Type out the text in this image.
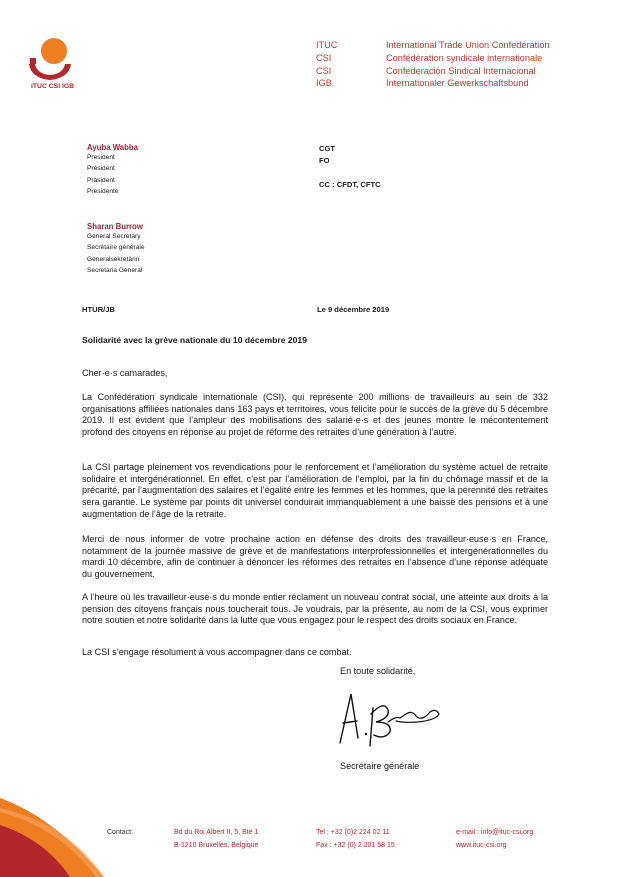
ITUC CSI IGB
ITUC	International Trade Union Confederation
CSI	Confédération syndicale internationale
CSI	Confederación Sindical Internacional
IGB	Internationaler Gewerkschaftsbund
Ayuba Wabba
President
Président
Präsident
Presidente
CGT
FO
CC : CFDT, CFTC
Sharan Burrow
General Secretary
Secrétaire générale
Generalsekretärin
Secretaria General
HTUR/JB	Le 9 décembre 2019
Solidarité avec la grève nationale du 10 décembre 2019
Cher·e·s camarades,
La Confédération syndicale internationale (CSI), qui représente 200 millions de travailleurs au sein de 332 organisations affiliées nationales dans 163 pays et territoires, vous félicite pour le succès de la grève du 5 décembre 2019. Il est évident que l’ampleur des mobilisations des salarié·e·s et des jeunes montre le mécontentement profond des citoyens en réponse au projet de réforme des retraites d’une génération à l’autre.
La CSI partage pleinement vos revendications pour le renforcement et l’amélioration du système actuel de retraite solidaire et intergénérationnel. En effet, c’est par l’amélioration de l’emploi, par la fin du chômage massif et de la précarité, par l’augmentation des salaires et l’égalité entre les femmes et les hommes, que la pérennité des retraites sera garantie. Le système par points dit universel conduirait immanquablement à une baisse des pensions et à une augmentation de l’âge de la retraite.
Merci de nous informer de votre prochaine action en défense des droits des travailleur·euse·s en France, notamment de la journée massive de grève et de manifestations interprofessionnelles et intergénérationnelles du mardi 10 décembre, afin de continuer à dénoncer les réformes des retraites en l’absence d’une réponse adéquate du gouvernement.
A l’heure où les travailleur·euse·s du monde entier réclament un nouveau contrat social, une atteinte aux droits à la pension des citoyens français nous toucherait tous. Je voudrais, par la présente, au nom de la CSI, vous exprimer notre soutien et notre solidarité dans la lutte que vous engagez pour le respect des droits sociaux en France.
La CSI s’engage résolument à vous accompagner dans ce combat.
En toute solidarité,
Secrétaire générale
Contact:	Bd du Roi Albert II, 5, Bte 1
B-1210 Bruxelles, Belgique
Tel : +32 (0)2 224 02 11
Fax : +32 (0) 2 201 58 15
e-mail : info@ituc-csi.org
www.ituc-csi.org
